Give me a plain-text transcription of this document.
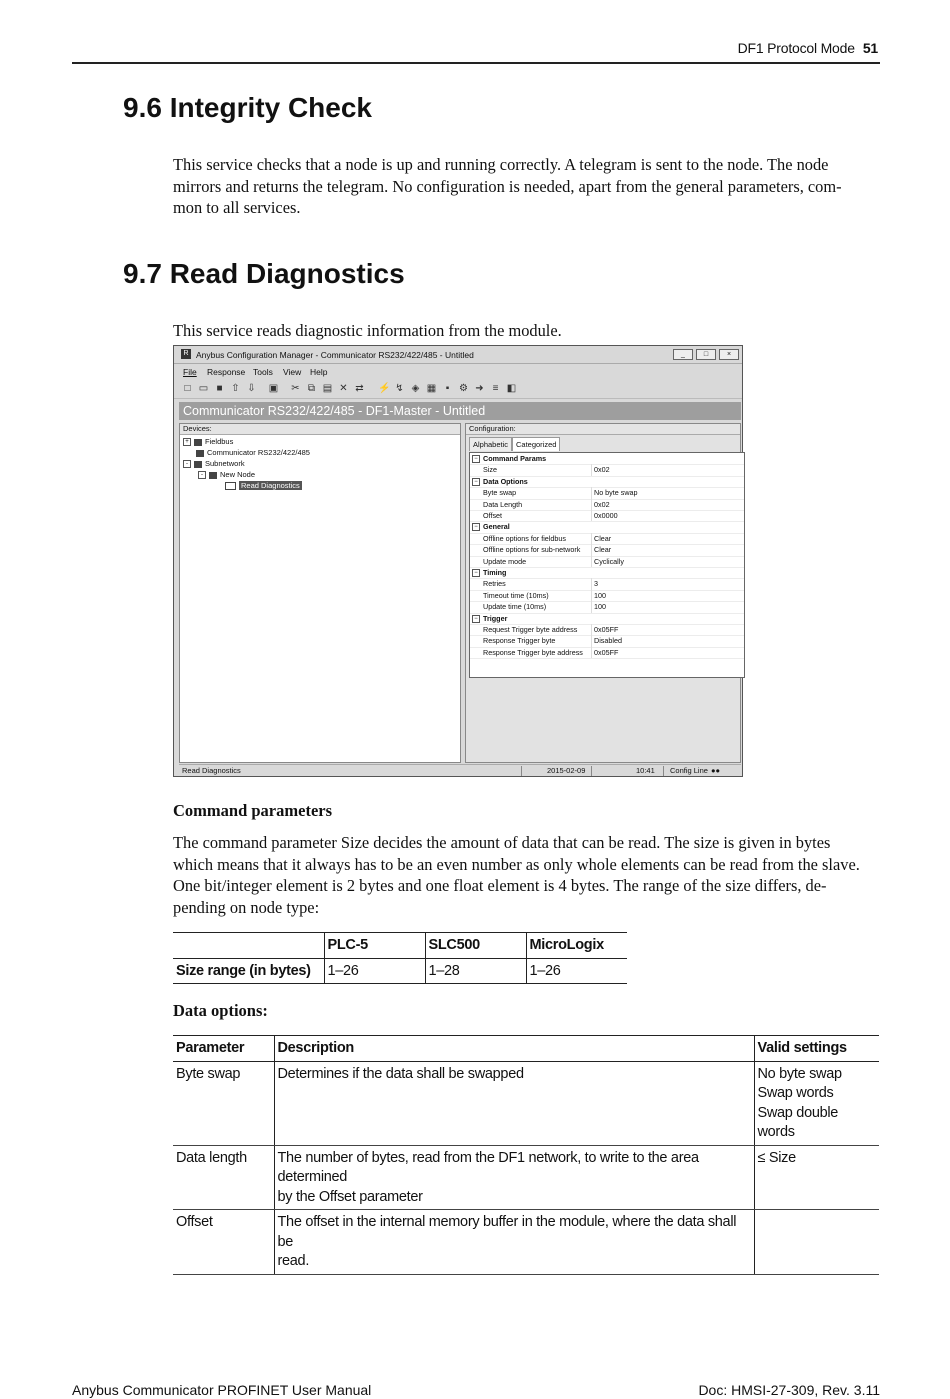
DF1 Protocol Mode 51
9.6 Integrity Check

This service checks that a node is up and running correctly. A telegram is sent to the node. The node
mirrors and returns the telegram. No configuration is needed, apart from the general parameters, com-
mon to all services.

9.7 Read Diagnostics

This service reads diagnostic information from the module.

R Anybus Configuration Manager - Communicator RS232/422/485 - Untitled	_	□	×
File Response Tools View Help
□ ▭ ■ ⇧ ⇩ ▣ ✂ ⧉ ▤ ✕ ⇄ ⚡ ↯ ◈ ▦ ▪ ⚙ ➜ ≡ ◧
Communicator RS232/422/485 - DF1-Master - Untitled
Devices:
+ Fieldbus
Communicator RS232/422/485
- Subnetwork
- New Node
Read Diagnostics
Configuration:
Alphabetic	Categorized
− Command Params
Size	0x02
− Data Options
Byte swap	No byte swap
Data Length	0x02
Offset	0x0000
− General
Offline options for fieldbus	Clear
Offline options for sub-network Clear
Update mode	Cyclically
− Timing
Retries	3
Timeout time (10ms)	100
Update time (10ms)	100
− Trigger
Request Trigger byte address 0x05FF
Response Trigger byte	Disabled
Response Trigger byte address 0x05FF
Read Diagnostics	2015-02-09	10:41 Config Line ●●
Command parameters

The command parameter Size decides the amount of data that can be read. The size is given in bytes
which means that it always has to be an even number as only whole elements can be read from the slave.
One bit/integer element is 2 bytes and one float element is 4 bytes. The range of the size differs, de-
pending on node type:

	PLC-5	SLC500	MicroLogix
Size range (in bytes)	1–26	1–28	1–26
Data options:
Parameter	Description	Valid settings
Byte swap	Determines if the data shall be swapped	No byte swap
Swap words
Swap double words
Data length	The number of bytes, read from the DF1 network, to write to the area determined
by the Offset parameter	≤ Size
Offset	The offset in the internal memory buffer in the module, where the data shall be
read.	
Anybus Communicator PROFINET User Manual	Doc: HMSI-27-309, Rev. 3.11
